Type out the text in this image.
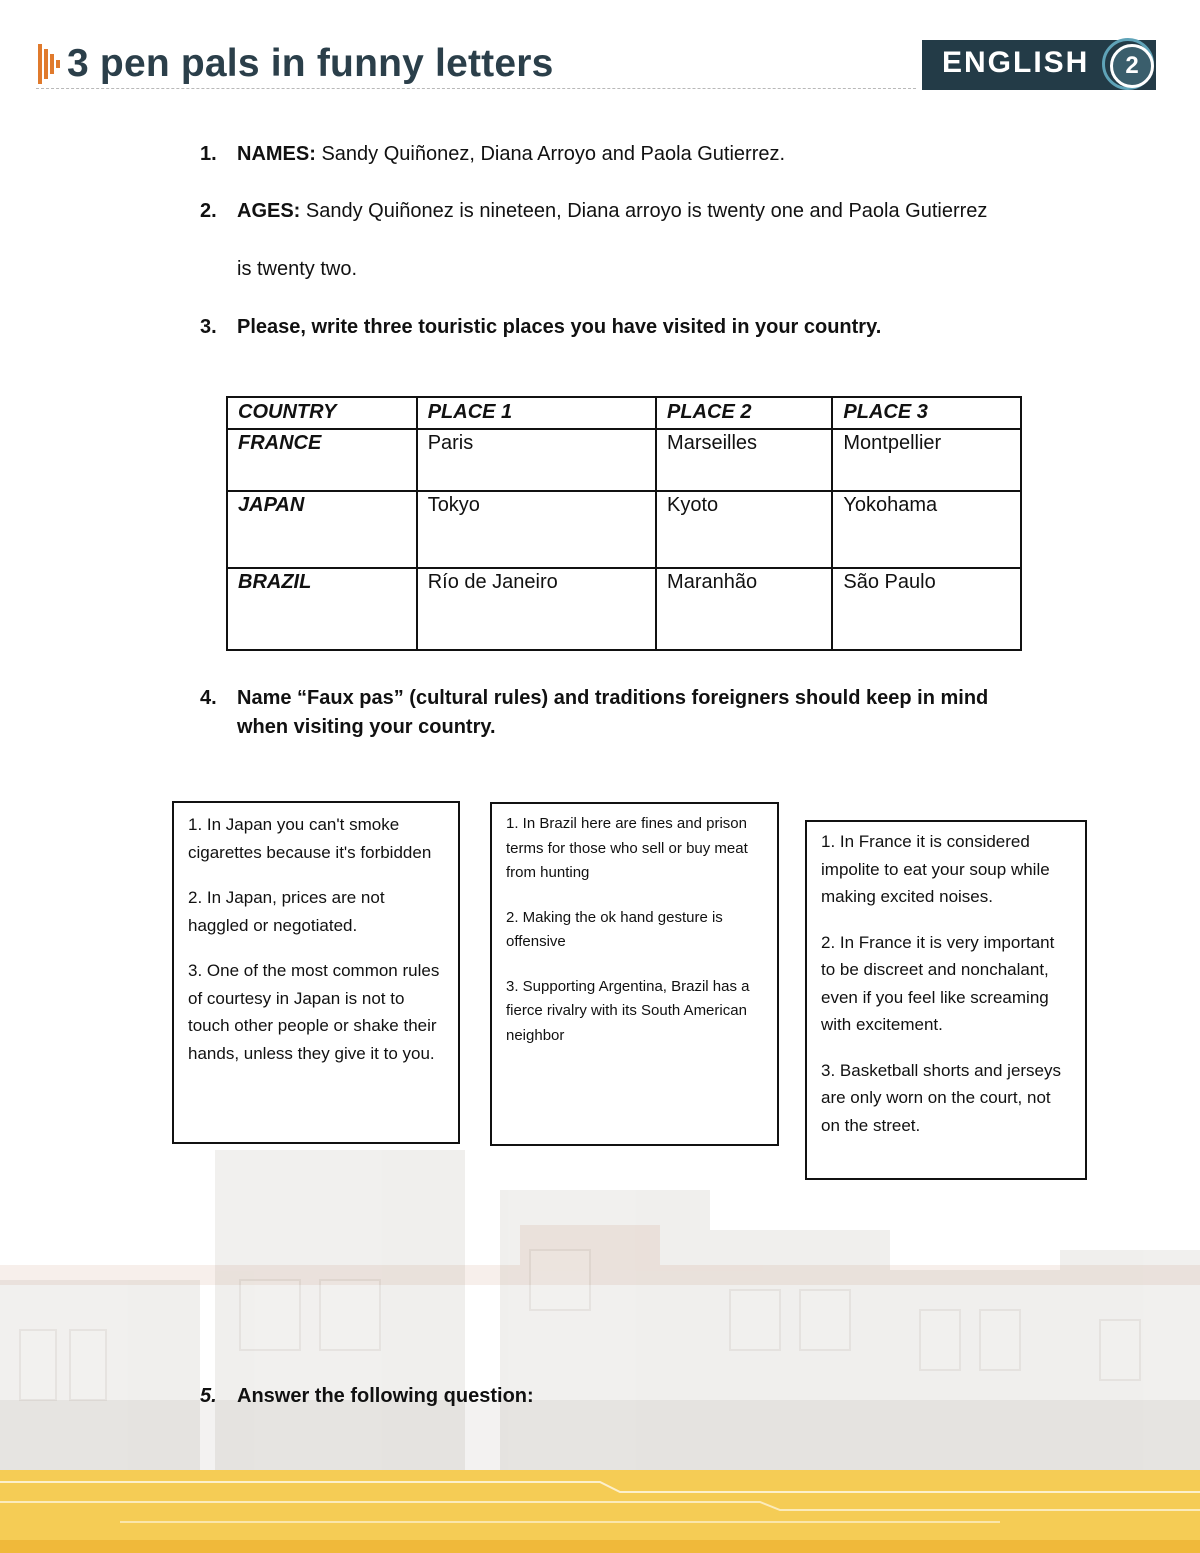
3 pen pals in funny letters	ENGLISH	2
1.	NAMES: Sandy Quiñonez, Diana Arroyo and Paola Gutierrez.
2.	AGES: Sandy Quiñonez is nineteen, Diana arroyo is twenty one and Paola Gutierrez
is twenty two.
3.	Please, write three touristic places you have visited in your country.
COUNTRY	PLACE 1	PLACE 2	PLACE 3
FRANCE	Paris	Marseilles	Montpellier
JAPAN	Tokyo	Kyoto	Yokohama
BRAZIL	Río de Janeiro	Maranhão	São Paulo
4.	Name “Faux pas” (cultural rules) and traditions foreigners should keep in mind
when visiting your country.

1. In Japan you can't smoke cigarettes because it's forbidden

2. In Japan, prices are not haggled or negotiated.

3. One of the most common rules of courtesy in Japan is not to touch other people or shake their hands, unless they give it to you.

1. In Brazil here are fines and prison terms for those who sell or buy meat from hunting

2. Making the ok hand gesture is offensive

3. Supporting Argentina, Brazil has a fierce rivalry with its South American neighbor

1. In France it is considered impolite to eat your soup while making excited noises.

2. In France it is very important to be discreet and nonchalant, even if you feel like screaming with excitement.

3. Basketball shorts and jerseys are only worn on the court, not on the street.

5.	Answer the following question:
